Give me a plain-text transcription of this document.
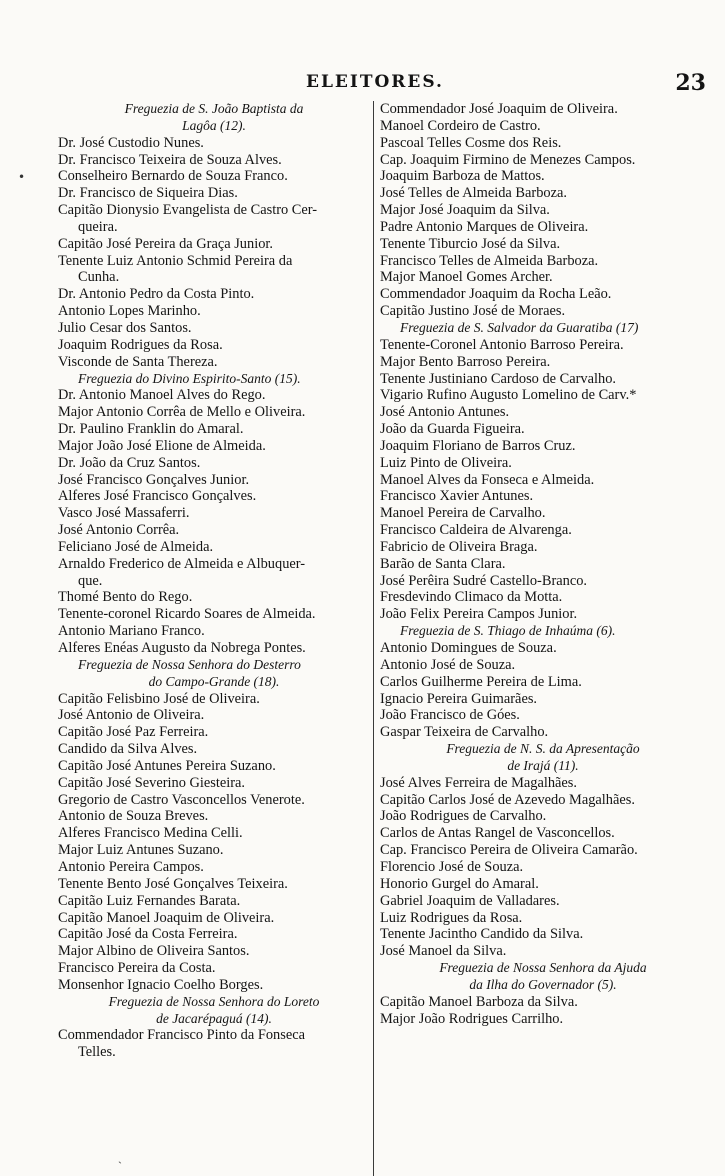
ELEITORES.	23
Freguezia de S. João Baptista da
Lagôa (12).
Dr. José Custodio Nunes.
Dr. Francisco Teixeira de Souza Alves.
Conselheiro Bernardo de Souza Franco.
Dr. Francisco de Siqueira Dias.
Capitão Dionysio Evangelista de Castro Cer-
queira.
Capitão José Pereira da Graça Junior.
Tenente Luiz Antonio Schmid Pereira da
Cunha.
Dr. Antonio Pedro da Costa Pinto.
Antonio Lopes Marinho.
Julio Cesar dos Santos.
Joaquim Rodrigues da Rosa.
Visconde de Santa Thereza.
Freguezia do Divino Espirito-Santo (15).
Dr. Antonio Manoel Alves do Rego.
Major Antonio Corrêa de Mello e Oliveira.
Dr. Paulino Franklin do Amaral.
Major João José Elione de Almeida.
Dr. João da Cruz Santos.
José Francisco Gonçalves Junior.
Alferes José Francisco Gonçalves.
Vasco José Massaferri.
José Antonio Corrêa.
Feliciano José de Almeida.
Arnaldo Frederico de Almeida e Albuquer-
que.
Thomé Bento do Rego.
Tenente-coronel Ricardo Soares de Almeida.
Antonio Mariano Franco.
Alferes Enéas Augusto da Nobrega Pontes.
Freguezia de Nossa Senhora do Desterro
do Campo-Grande (18).
Capitão Felisbino José de Oliveira.
José Antonio de Oliveira.
Capitão José Paz Ferreira.
Candido da Silva Alves.
Capitão José Antunes Pereira Suzano.
Capitão José Severino Giesteira.
Gregorio de Castro Vasconcellos Venerote.
Antonio de Souza Breves.
Alferes Francisco Medina Celli.
Major Luiz Antunes Suzano.
Antonio Pereira Campos.
Tenente Bento José Gonçalves Teixeira.
Capitão Luiz Fernandes Barata.
Capitão Manoel Joaquim de Oliveira.
Capitão José da Costa Ferreira.
Major Albino de Oliveira Santos.
Francisco Pereira da Costa.
Monsenhor Ignacio Coelho Borges.
Freguezia de Nossa Senhora do Loreto
de Jacarépaguá (14).
Commendador Francisco Pinto da Fonseca
Telles.
Commendador José Joaquim de Oliveira.
Manoel Cordeiro de Castro.
Pascoal Telles Cosme dos Reis.
Cap. Joaquim Firmino de Menezes Campos.
Joaquim Barboza de Mattos.
José Telles de Almeida Barboza.
Major José Joaquim da Silva.
Padre Antonio Marques de Oliveira.
Tenente Tiburcio José da Silva.
Francisco Telles de Almeida Barboza.
Major Manoel Gomes Archer.
Commendador Joaquim da Rocha Leão.
Capitão Justino José de Moraes.
Freguezia de S. Salvador da Guaratiba (17)
Tenente-Coronel Antonio Barroso Pereira.
Major Bento Barroso Pereira.
Tenente Justiniano Cardoso de Carvalho.
Vigario Rufino Augusto Lomelino de Carv.*
José Antonio Antunes.
João da Guarda Figueira.
Joaquim Floriano de Barros Cruz.
Luiz Pinto de Oliveira.
Manoel Alves da Fonseca e Almeida.
Francisco Xavier Antunes.
Manoel Pereira de Carvalho.
Francisco Caldeira de Alvarenga.
Fabricio de Oliveira Braga.
Barão de Santa Clara.
José Perêira Sudré Castello-Branco.
Fresdevindo Climaco da Motta.
João Felix Pereira Campos Junior.
Freguezia de S. Thiago de Inhaúma (6).
Antonio Domingues de Souza.
Antonio José de Souza.
Carlos Guilherme Pereira de Lima.
Ignacio Pereira Guimarães.
João Francisco de Góes.
Gaspar Teixeira de Carvalho.
Freguezia de N. S. da Apresentação
de Irajá (11).
José Alves Ferreira de Magalhães.
Capitão Carlos José de Azevedo Magalhães.
João Rodrigues de Carvalho.
Carlos de Antas Rangel de Vasconcellos.
Cap. Francisco Pereira de Oliveira Camarão.
Florencio José de Souza.
Honorio Gurgel do Amaral.
Gabriel Joaquim de Valladares.
Luiz Rodrigues da Rosa.
Tenente Jacintho Candido da Silva.
José Manoel da Silva.
Freguezia de Nossa Senhora da Ajuda
da Ilha do Governador (5).
Capitão Manoel Barboza da Silva.
Major João Rodrigues Carrilho.
•
ˎ
